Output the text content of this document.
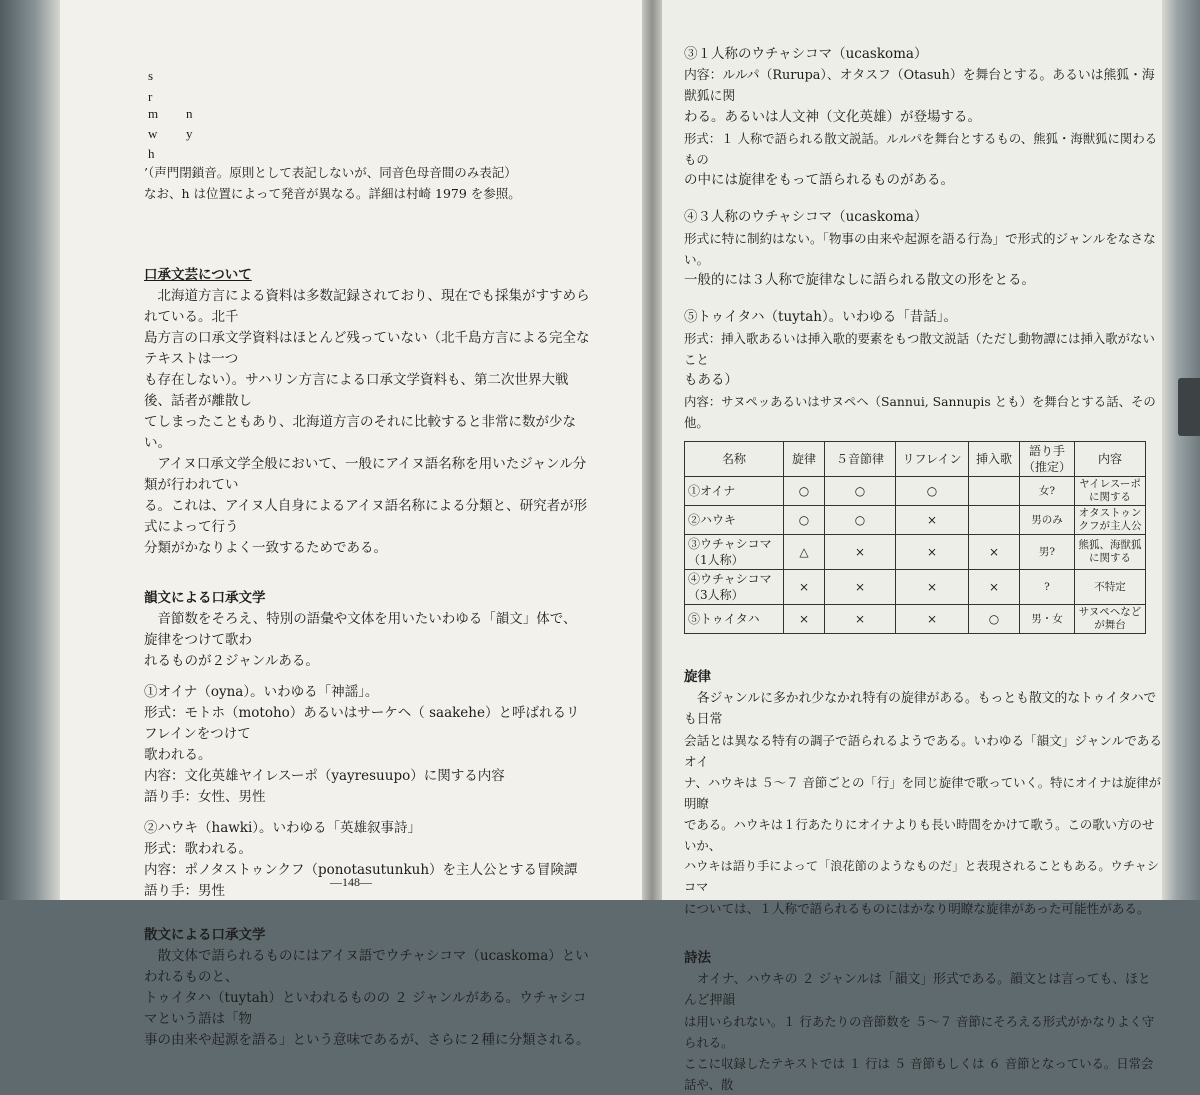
s
r
m n
w y
h
’（声門閉鎖音。原則として表記しないが、同音色母音間のみ表記）
なお、h は位置によって発音が異なる。詳細は村崎 1979 を参照。
口承文芸について
北海道方言による資料は多数記録されており、現在でも採集がすすめられている。北千
島方言の口承文学資料はほとんど残っていない（北千島方言による完全なテキストは一つ
も存在しない）。サハリン方言による口承文学資料も、第二次世界大戦後、話者が離散し
てしまったこともあり、北海道方言のそれに比較すると非常に数が少ない。
アイヌ口承文学全般において、一般にアイヌ語名称を用いたジャンル分類が行われてい
る。これは、アイヌ人自身によるアイヌ語名称による分類と、研究者が形式によって行う
分類がかなりよく一致するためである。
韻文による口承文学
音節数をそろえ、特別の語彙や文体を用いたいわゆる「韻文」体で、旋律をつけて歌わ
れるものが２ジャンルある。
①オイナ（oyna）。いわゆる「神謡」。
形式：モトホ（motoho）あるいはサーケヘ（ saakehe）と呼ばれるリフレインをつけて
歌われる。
内容：文化英雄ヤイレスーポ（yayresuupo）に関する内容
語り手：女性、男性
②ハウキ（hawki）。いわゆる「英雄叙事詩」
形式：歌われる。
内容：ポノタストゥンクフ（ponotasutunkuh）を主人公とする冒険譚
語り手：男性
散文による口承文学
散文体で語られるものにはアイヌ語でウチャシコマ（ucaskoma）といわれるものと、
トゥイタハ（tuytah）といわれるものの ２ ジャンルがある。ウチャシコマという語は「物
事の由来や起源を語る」という意味であるが、さらに２種に分類される。
—148—
③１人称のウチャシコマ（ucaskoma）
内容：ルルパ（Rurupa）、オタスフ（Otasuh）を舞台とする。あるいは熊狐・海獣狐に関
わる。あるいは人文神（文化英雄）が登場する。
形式：１ 人称で語られる散文説話。ルルパを舞台とするもの、熊狐・海獣狐に関わるもの
の中には旋律をもって語られるものがある。
④３人称のウチャシコマ（ucaskoma）
形式に特に制約はない。「物事の由来や起源を語る行為」で形式的ジャンルをなさない。
一般的には３人称で旋律なしに語られる散文の形をとる。
⑤トゥイタハ（tuytah）。いわゆる「昔話」。
形式：挿入歌あるいは挿入歌的要素をもつ散文説話（ただし動物譚には挿入歌がないこと
もある）
内容：サヌペッあるいはサヌペヘ（Sannui, Sannupis とも）を舞台とする話、その他。
名称	旋律	５音節律	リフレイン	挿入歌	語り手（推定）	内容
①オイナ	○	○	○		女?	ヤイレスーポに関する
②ハウキ	○	○	×		男のみ	オタストゥンクフが主人公
③ウチャシコマ（1人称）	△	×	×	×	男?	熊狐、海獣狐に関する
④ウチャシコマ（3人称）	×	×	×	×	?	不特定
⑤トゥイタハ	×	×	×	○	男・女	サヌペヘなどが舞台
旋律
各ジャンルに多かれ少なかれ特有の旋律がある。もっとも散文的なトゥイタハでも日常
会話とは異なる特有の調子で語られるようである。いわゆる「韻文」ジャンルであるオイ
ナ、ハウキは ５〜７ 音節ごとの「行」を同じ旋律で歌っていく。特にオイナは旋律が明瞭
である。ハウキは１行あたりにオイナよりも長い時間をかけて歌う。この歌い方のせいか、
ハウキは語り手によって「浪花節のようなものだ」と表現されることもある。ウチャシコマ
については、１人称で語られるものにはかなり明瞭な旋律があった可能性がある。
詩法
オイナ、ハウキの ２ ジャンルは「韻文」形式である。韻文とは言っても、ほとんど押韻
は用いられない。１ 行あたりの音節数を ５〜７ 音節にそろえる形式がかなりよく守られる。
ここに収録したテキストでは １ 行は ５ 音節もしくは ６ 音節となっている。日常会話や、散
